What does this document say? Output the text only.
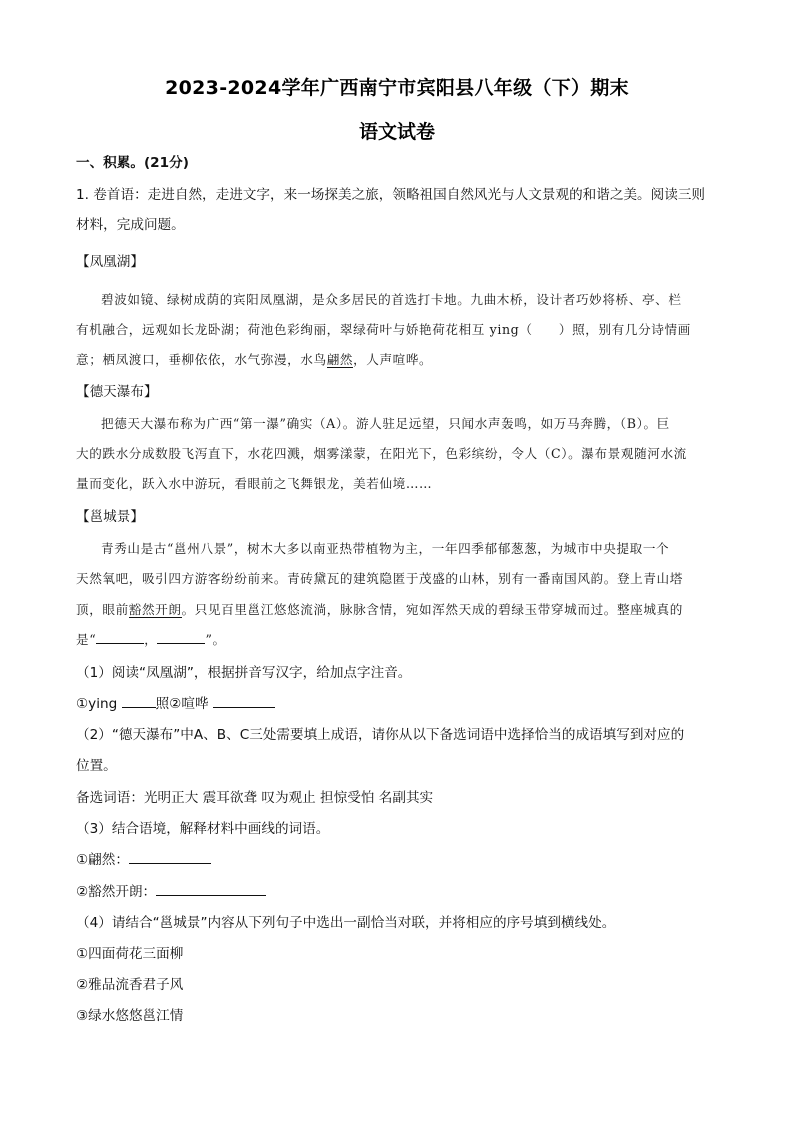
2023-2024学年广西南宁市宾阳县八年级（下）期末
语文试卷
一、积累。(21分)
1. 卷首语：走进自然，走进文字，来一场探美之旅，领略祖国自然风光与人文景观的和谐之美。阅读三则
材料，完成问题。
【凤凰湖】
碧波如镜、绿树成荫的宾阳凤凰湖，是众多居民的首选打卡地。九曲木桥，设计者巧妙将桥、亭、栏
有机融合，远观如长龙卧湖；荷池色彩绚丽，翠绿荷叶与娇艳荷花相互 ying（　　）照，别有几分诗情画
意；栖凤渡口，垂柳依依，水气弥漫，水鸟翩然，人声喧哗。
【德天瀑布】
把德天大瀑布称为广西“第一瀑”确实（A）。游人驻足远望，只闻水声轰鸣，如万马奔腾，（B）。巨
大的跌水分成数股飞泻直下，水花四溅，烟雾漾蒙，在阳光下，色彩缤纷，令人（C）。瀑布景观随河水流
量而变化，跃入水中游玩，看眼前之飞舞银龙，美若仙境……
【邕城景】
青秀山是古“邕州八景”，树木大多以南亚热带植物为主，一年四季郁郁葱葱，为城市中央提取一个
天然氧吧，吸引四方游客纷纷前来。青砖黛瓦的建筑隐匿于茂盛的山林，别有一番南国风韵。登上青山塔
顶，眼前豁然开朗。只见百里邕江悠悠流淌，脉脉含情，宛如浑然天成的碧绿玉带穿城而过。整座城真的
是“	，	”。
（1）阅读“凤凰湖”，根据拼音写汉字，给加点字注音。
①ying	照②喧哗
（2）“德天瀑布”中A、B、C三处需要填上成语，请你从以下备选词语中选择恰当的成语填写到对应的
位置。
备选词语：光明正大 震耳欲聋 叹为观止 担惊受怕 名副其实
（3）结合语境，解释材料中画线的词语。
①翩然：
②豁然开朗：
（4）请结合“邕城景”内容从下列句子中选出一副恰当对联，并将相应的序号填到横线处。
①四面荷花三面柳
②雅品流香君子风
③绿水悠悠邕江情
